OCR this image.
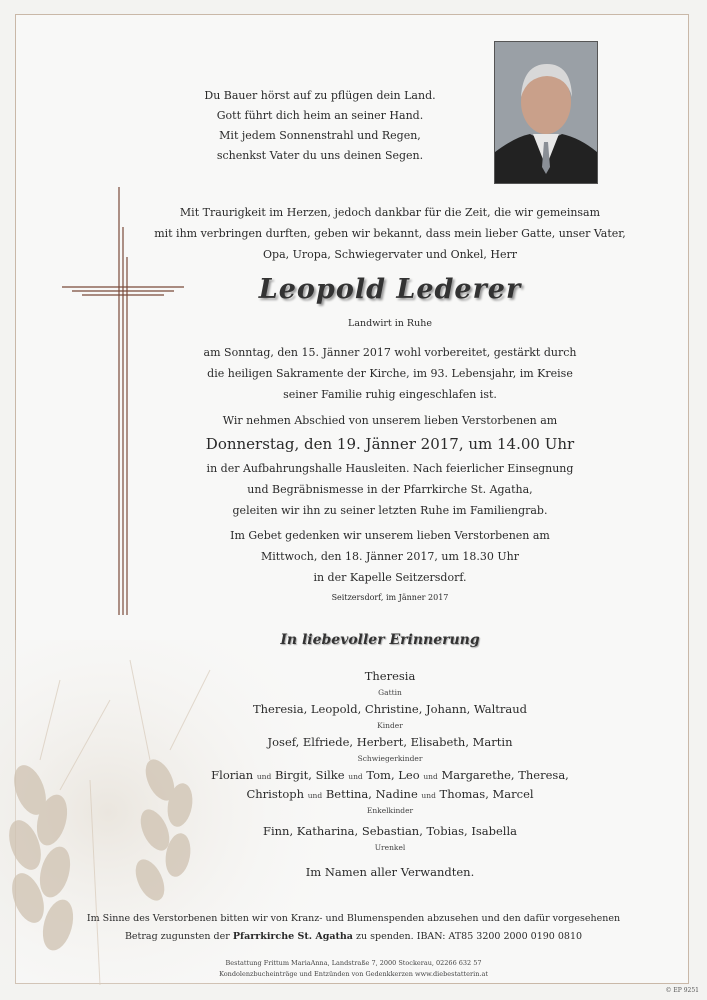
Du Bauer hörst auf zu pflügen dein Land.
Gott führt dich heim an seiner Hand.
Mit jedem Sonnenstrahl und Regen,
schenkst Vater du uns deinen Segen.
Mit Traurigkeit im Herzen, jedoch dankbar für die Zeit, die wir gemeinsam
mit ihm verbringen durften, geben wir bekannt, dass mein lieber Gatte, unser Vater,
Opa, Uropa, Schwiegervater und Onkel, Herr
Leopold Lederer
Landwirt in Ruhe
am Sonntag, den 15. Jänner 2017 wohl vorbereitet, gestärkt durch
die heiligen Sakramente der Kirche, im 93. Lebensjahr, im Kreise
seiner Familie ruhig eingeschlafen ist.
Wir nehmen Abschied von unserem lieben Verstorbenen am
Donnerstag, den 19. Jänner 2017, um 14.00 Uhr
in der Aufbahrungshalle Hausleiten. Nach feierlicher Einsegnung
und Begräbnismesse in der Pfarrkirche St. Agatha,
geleiten wir ihn zu seiner letzten Ruhe im Familiengrab.
Im Gebet gedenken wir unserem lieben Verstorbenen am
Mittwoch, den 18. Jänner 2017, um 18.30 Uhr
in der Kapelle Seitzersdorf.
Seitzersdorf, im Jänner 2017
In liebevoller Erinnerung
Theresia
Gattin
Theresia, Leopold, Christine, Johann, Waltraud
Kinder
Josef, Elfriede, Herbert, Elisabeth, Martin
Schwiegerkinder
Florian und Birgit, Silke und Tom, Leo und Margarethe, Theresa,
Christoph und Bettina, Nadine und Thomas, Marcel
Enkelkinder
Finn, Katharina, Sebastian, Tobias, Isabella
Urenkel
Im Namen aller Verwandten.
Im Sinne des Verstorbenen bitten wir von Kranz- und Blumenspenden abzusehen und den dafür vorgesehenen
Betrag zugunsten der Pfarrkirche St. Agatha zu spenden. IBAN: AT85 3200 2000 0190 0810
Bestattung Frittum MariaAnna, Landstraße 7, 2000 Stockerau, 02266 632 57
Kondolenzbucheinträge und Entzünden von Gedenkkerzen www.diebestatterin.at
© EP 9251
